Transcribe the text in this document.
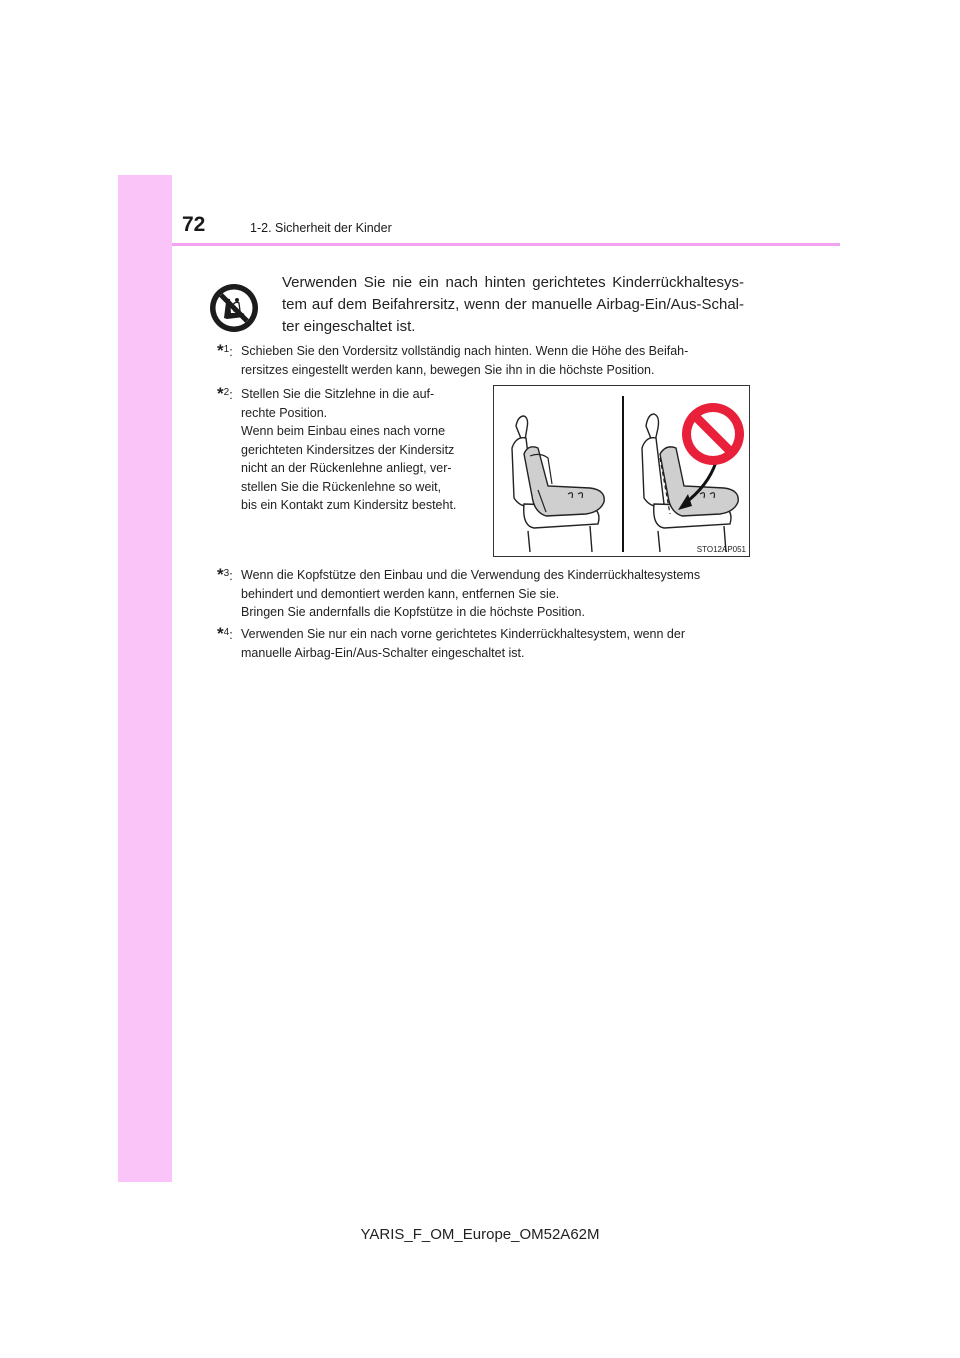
72	1-2. Sicherheit der Kinder
Verwenden Sie nie ein nach hinten gerichtetes Kinderrückhaltesys-tem auf dem Beifahrersitz, wenn der manuelle Airbag-Ein/Aus-Schal-ter eingeschaltet ist.
*$^1$: Schieben Sie den Vordersitz vollständig nach hinten. Wenn die Höhe des Beifah-
rersitzes eingestellt werden kann, bewegen Sie ihn in die höchste Position.
*$^2$: Stellen Sie die Sitzlehne in die auf-
rechte Position.
Wenn beim Einbau eines nach vorne
gerichteten Kindersitzes der Kindersitz
nicht an der Rückenlehne anliegt, ver-
stellen Sie die Rückenlehne so weit,
bis ein Kontakt zum Kindersitz besteht.
STO12AP051
*$^3$: Wenn die Kopfstütze den Einbau und die Verwendung des Kinderrückhaltesystems
behindert und demontiert werden kann, entfernen Sie sie.
Bringen Sie andernfalls die Kopfstütze in die höchste Position.
*$^4$: Verwenden Sie nur ein nach vorne gerichtetes Kinderrückhaltesystem, wenn der
manuelle Airbag-Ein/Aus-Schalter eingeschaltet ist.
YARIS_F_OM_Europe_OM52A62M
